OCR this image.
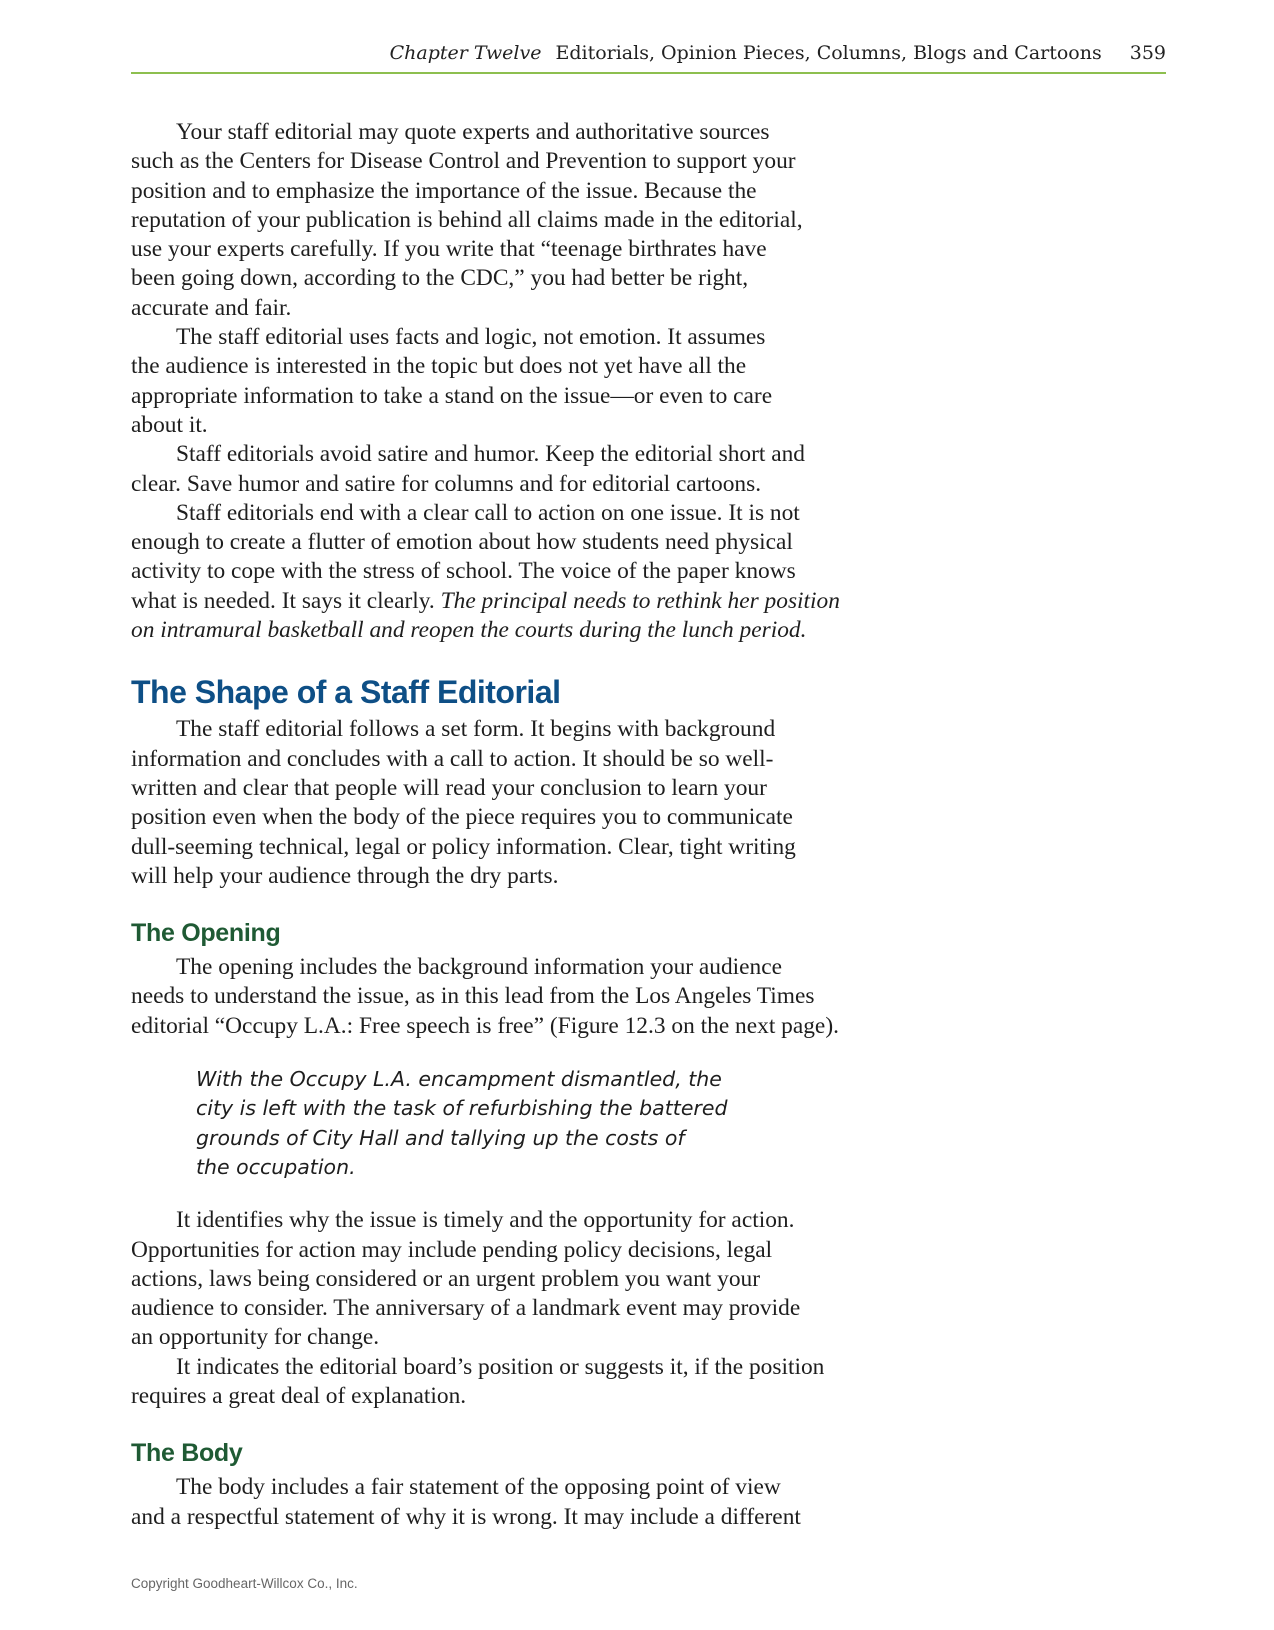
Chapter Twelve Editorials, Opinion Pieces, Columns, Blogs and Cartoons 359

Your staff editorial may quote experts and authoritative sources
such as the Centers for Disease Control and Prevention to support your
position and to emphasize the importance of the issue. Because the
reputation of your publication is behind all claims made in the editorial,
use your experts carefully. If you write that “teenage birthrates have
been going down, according to the CDC,” you had better be right,
accurate and fair.

The staff editorial uses facts and logic, not emotion. It assumes
the audience is interested in the topic but does not yet have all the
appropriate information to take a stand on the issue—or even to care
about it.

Staff editorials avoid satire and humor. Keep the editorial short and
clear. Save humor and satire for columns and for editorial cartoons.

Staff editorials end with a clear call to action on one issue. It is not
enough to create a flutter of emotion about how students need physical
activity to cope with the stress of school. The voice of the paper knows
what is needed. It says it clearly. The principal needs to rethink her position
on intramural basketball and reopen the courts during the lunch period.

The Shape of a Staff Editorial

The staff editorial follows a set form. It begins with background
information and concludes with a call to action. It should be so well-
written and clear that people will read your conclusion to learn your
position even when the body of the piece requires you to communicate
dull-seeming technical, legal or policy information. Clear, tight writing
will help your audience through the dry parts.

The Opening

The opening includes the background information your audience
needs to understand the issue, as in this lead from the Los Angeles Times
editorial “Occupy L.A.: Free speech is free” (Figure 12.3 on the next page).

With the Occupy L.A. encampment dismantled, the
city is left with the task of refurbishing the battered
grounds of City Hall and tallying up the costs of
the occupation.

It identifies why the issue is timely and the opportunity for action.
Opportunities for action may include pending policy decisions, legal
actions, laws being considered or an urgent problem you want your
audience to consider. The anniversary of a landmark event may provide
an opportunity for change.

It indicates the editorial board’s position or suggests it, if the position
requires a great deal of explanation.

The Body

The body includes a fair statement of the opposing point of view
and a respectful statement of why it is wrong. It may include a different

Copyright Goodheart-Willcox Co., Inc.
